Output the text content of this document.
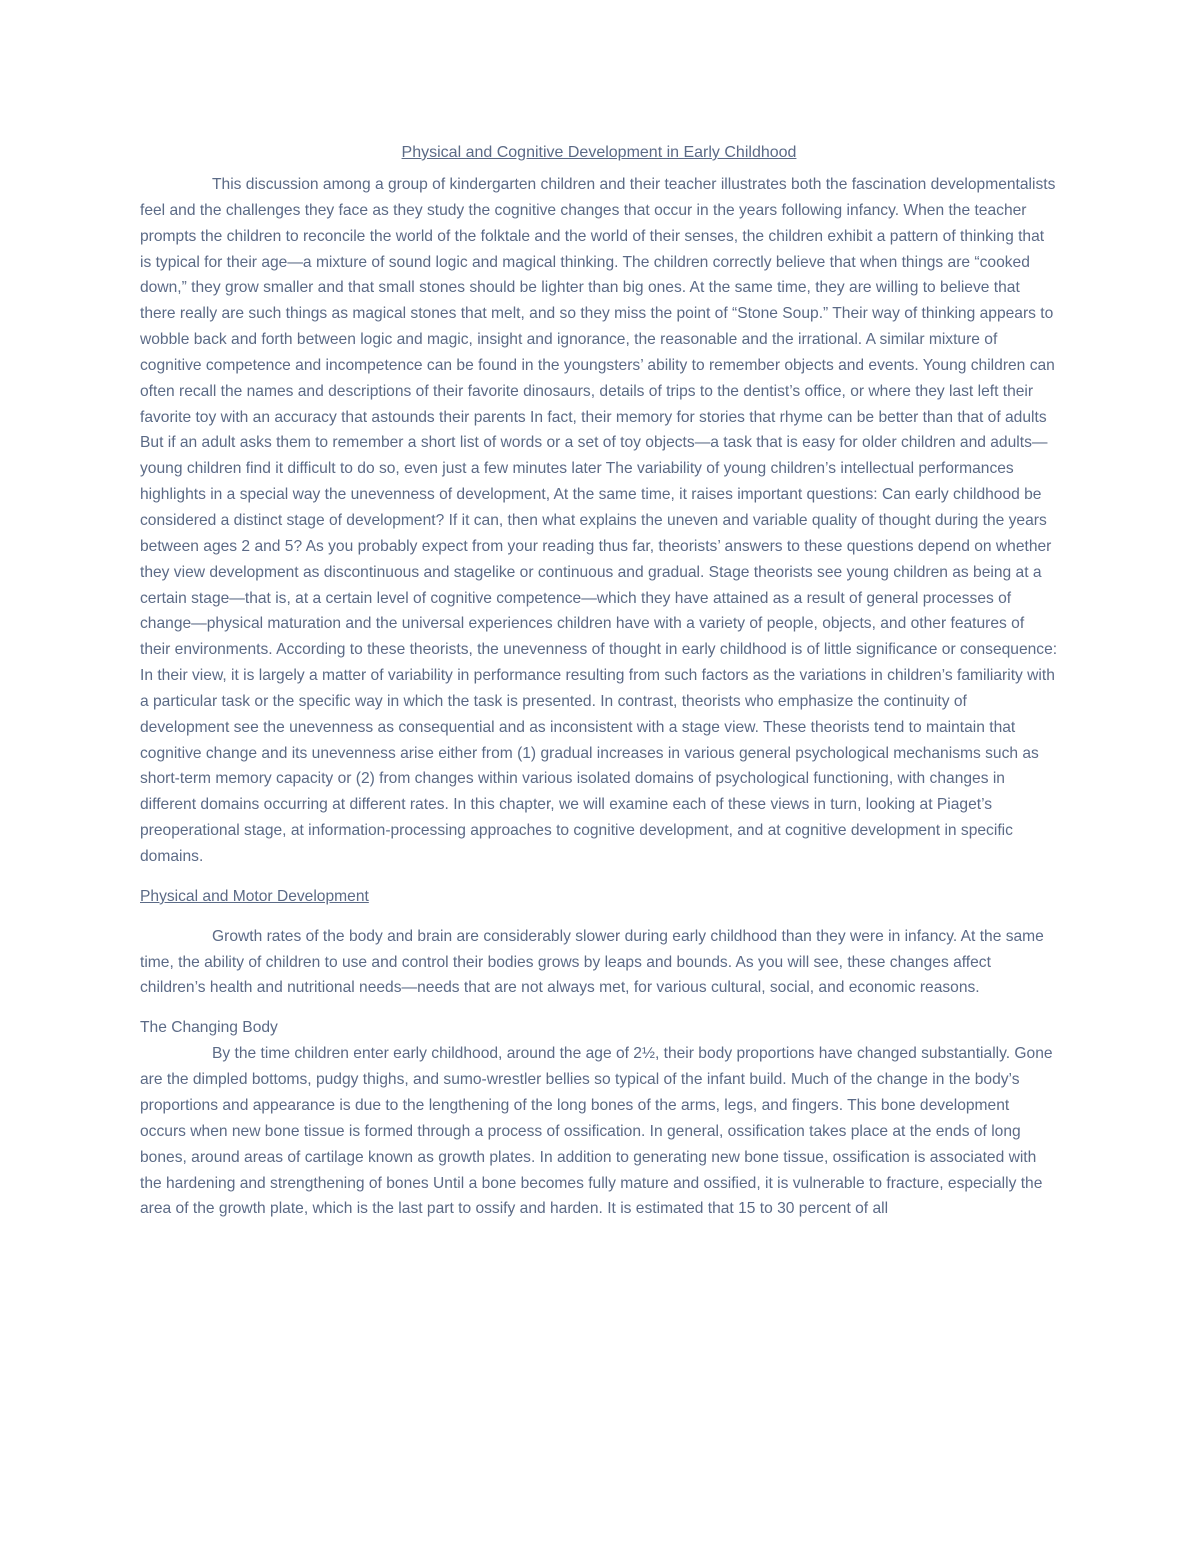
Physical and Cognitive Development in Early Childhood

This discussion among a group of kindergarten children and their teacher illustrates both the fascination developmentalists feel and the challenges they face as they study the cognitive changes that occur in the years following infancy. When the teacher prompts the children to reconcile the world of the folktale and the world of their senses, the children exhibit a pattern of thinking that is typical for their age—a mixture of sound logic and magical thinking. The children correctly believe that when things are “cooked down,” they grow smaller and that small stones should be lighter than big ones. At the same time, they are willing to believe that there really are such things as magical stones that melt, and so they miss the point of “Stone Soup.” Their way of thinking appears to wobble back and forth between logic and magic, insight and ignorance, the reasonable and the irrational. A similar mixture of cognitive competence and incompetence can be found in the youngsters’ ability to remember objects and events. Young children can often recall the names and descriptions of their favorite dinosaurs, details of trips to the dentist’s office, or where they last left their favorite toy with an accuracy that astounds their parents In fact, their memory for stories that rhyme can be better than that of adults But if an adult asks them to remember a short list of words or a set of toy objects—a task that is easy for older children and adults—young children find it difficult to do so, even just a few minutes later The variability of young children’s intellectual performances highlights in a special way the unevenness of development, At the same time, it raises important questions: Can early childhood be considered a distinct stage of development? If it can, then what explains the uneven and variable quality of thought during the years between ages 2 and 5? As you probably expect from your reading thus far, theorists’ answers to these questions depend on whether they view development as discontinuous and stagelike or continuous and gradual. Stage theorists see young children as being at a certain stage—that is, at a certain level of cognitive competence—which they have attained as a result of general processes of change—physical maturation and the universal experiences children have with a variety of people, objects, and other features of their environments. According to these theorists, the unevenness of thought in early childhood is of little significance or consequence: In their view, it is largely a matter of variability in performance resulting from such factors as the variations in children’s familiarity with a particular task or the specific way in which the task is presented. In contrast, theorists who emphasize the continuity of development see the unevenness as consequential and as inconsistent with a stage view. These theorists tend to maintain that cognitive change and its unevenness arise either from (1) gradual increases in various general psychological mechanisms such as short-term memory capacity or (2) from changes within various isolated domains of psychological functioning, with changes in different domains occurring at different rates. In this chapter, we will examine each of these views in turn, looking at Piaget’s preoperational stage, at information-processing approaches to cognitive development, and at cognitive development in specific domains.

Physical and Motor Development

Growth rates of the body and brain are considerably slower during early childhood than they were in infancy. At the same time, the ability of children to use and control their bodies grows by leaps and bounds. As you will see, these changes affect children’s health and nutritional needs—needs that are not always met, for various cultural, social, and economic reasons.

The Changing Body

By the time children enter early childhood, around the age of 2½, their body proportions have changed substantially. Gone are the dimpled bottoms, pudgy thighs, and sumo-wrestler bellies so typical of the infant build. Much of the change in the body’s proportions and appearance is due to the lengthening of the long bones of the arms, legs, and fingers. This bone development occurs when new bone tissue is formed through a process of ossification. In general, ossification takes place at the ends of long bones, around areas of cartilage known as growth plates. In addition to generating new bone tissue, ossification is associated with the hardening and strengthening of bones Until a bone becomes fully mature and ossified, it is vulnerable to fracture, especially the area of the growth plate, which is the last part to ossify and harden. It is estimated that 15 to 30 percent of all
